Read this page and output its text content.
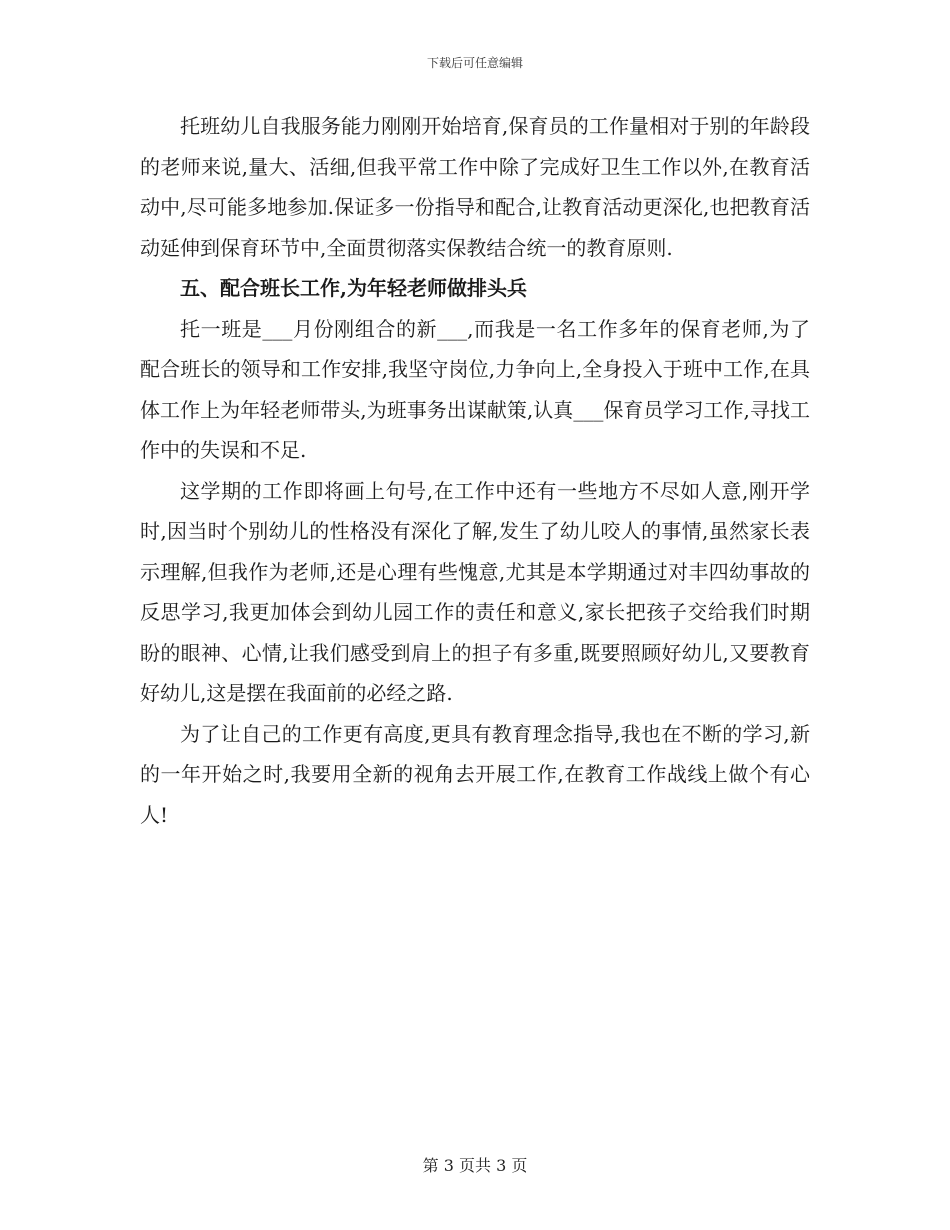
下载后可任意编辑

托班幼儿自我服务能力刚刚开始培育,保育员的工作量相对于别的年龄段的老师来说,量大、活细,但我平常工作中除了完成好卫生工作以外,在教育活动中,尽可能多地参加.保证多一份指导和配合,让教育活动更深化,也把教育活动延伸到保育环节中,全面贯彻落实保教结合统一的教育原则.

五、配合班长工作,为年轻老师做排头兵

托一班是___月份刚组合的新___,而我是一名工作多年的保育老师,为了配合班长的领导和工作安排,我坚守岗位,力争向上,全身投入于班中工作,在具体工作上为年轻老师带头,为班事务出谋献策,认真___保育员学习工作,寻找工作中的失误和不足.

这学期的工作即将画上句号,在工作中还有一些地方不尽如人意,刚开学时,因当时个别幼儿的性格没有深化了解,发生了幼儿咬人的事情,虽然家长表示理解,但我作为老师,还是心理有些愧意,尤其是本学期通过对丰四幼事故的反思学习,我更加体会到幼儿园工作的责任和意义,家长把孩子交给我们时期盼的眼神、心情,让我们感受到肩上的担子有多重,既要照顾好幼儿,又要教育好幼儿,这是摆在我面前的必经之路.

为了让自己的工作更有高度,更具有教育理念指导,我也在不断的学习,新的一年开始之时,我要用全新的视角去开展工作,在教育工作战线上做个有心人!

第 3 页共 3 页
